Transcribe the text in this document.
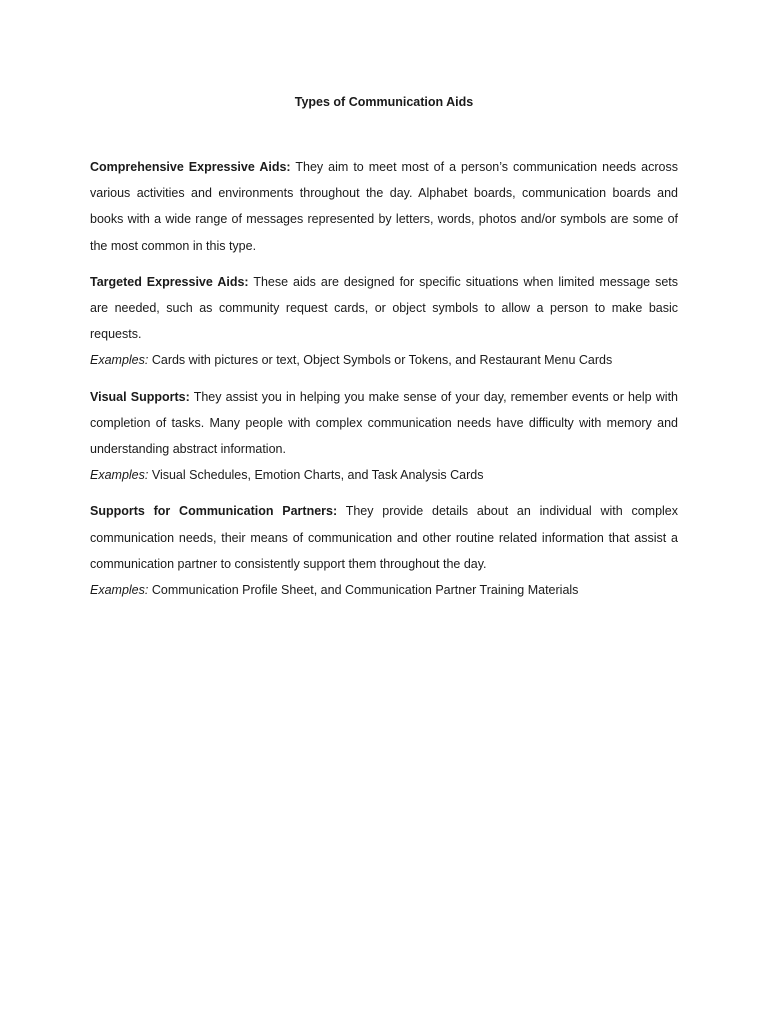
Types of Communication Aids

Comprehensive Expressive Aids: They aim to meet most of a person’s communication needs across various activities and environments throughout the day. Alphabet boards, communication boards and books with a wide range of messages represented by letters, words, photos and/or symbols are some of the most common in this type.

Targeted Expressive Aids: These aids are designed for specific situations when limited message sets are needed, such as community request cards, or object symbols to allow a person to make basic requests.

Examples: Cards with pictures or text, Object Symbols or Tokens, and Restaurant Menu Cards

Visual Supports: They assist you in helping you make sense of your day, remember events or help with completion of tasks. Many people with complex communication needs have difficulty with memory and understanding abstract information.

Examples: Visual Schedules, Emotion Charts, and Task Analysis Cards

Supports for Communication Partners: They provide details about an individual with complex communication needs, their means of communication and other routine related information that assist a communication partner to consistently support them throughout the day.

Examples: Communication Profile Sheet, and Communication Partner Training Materials
